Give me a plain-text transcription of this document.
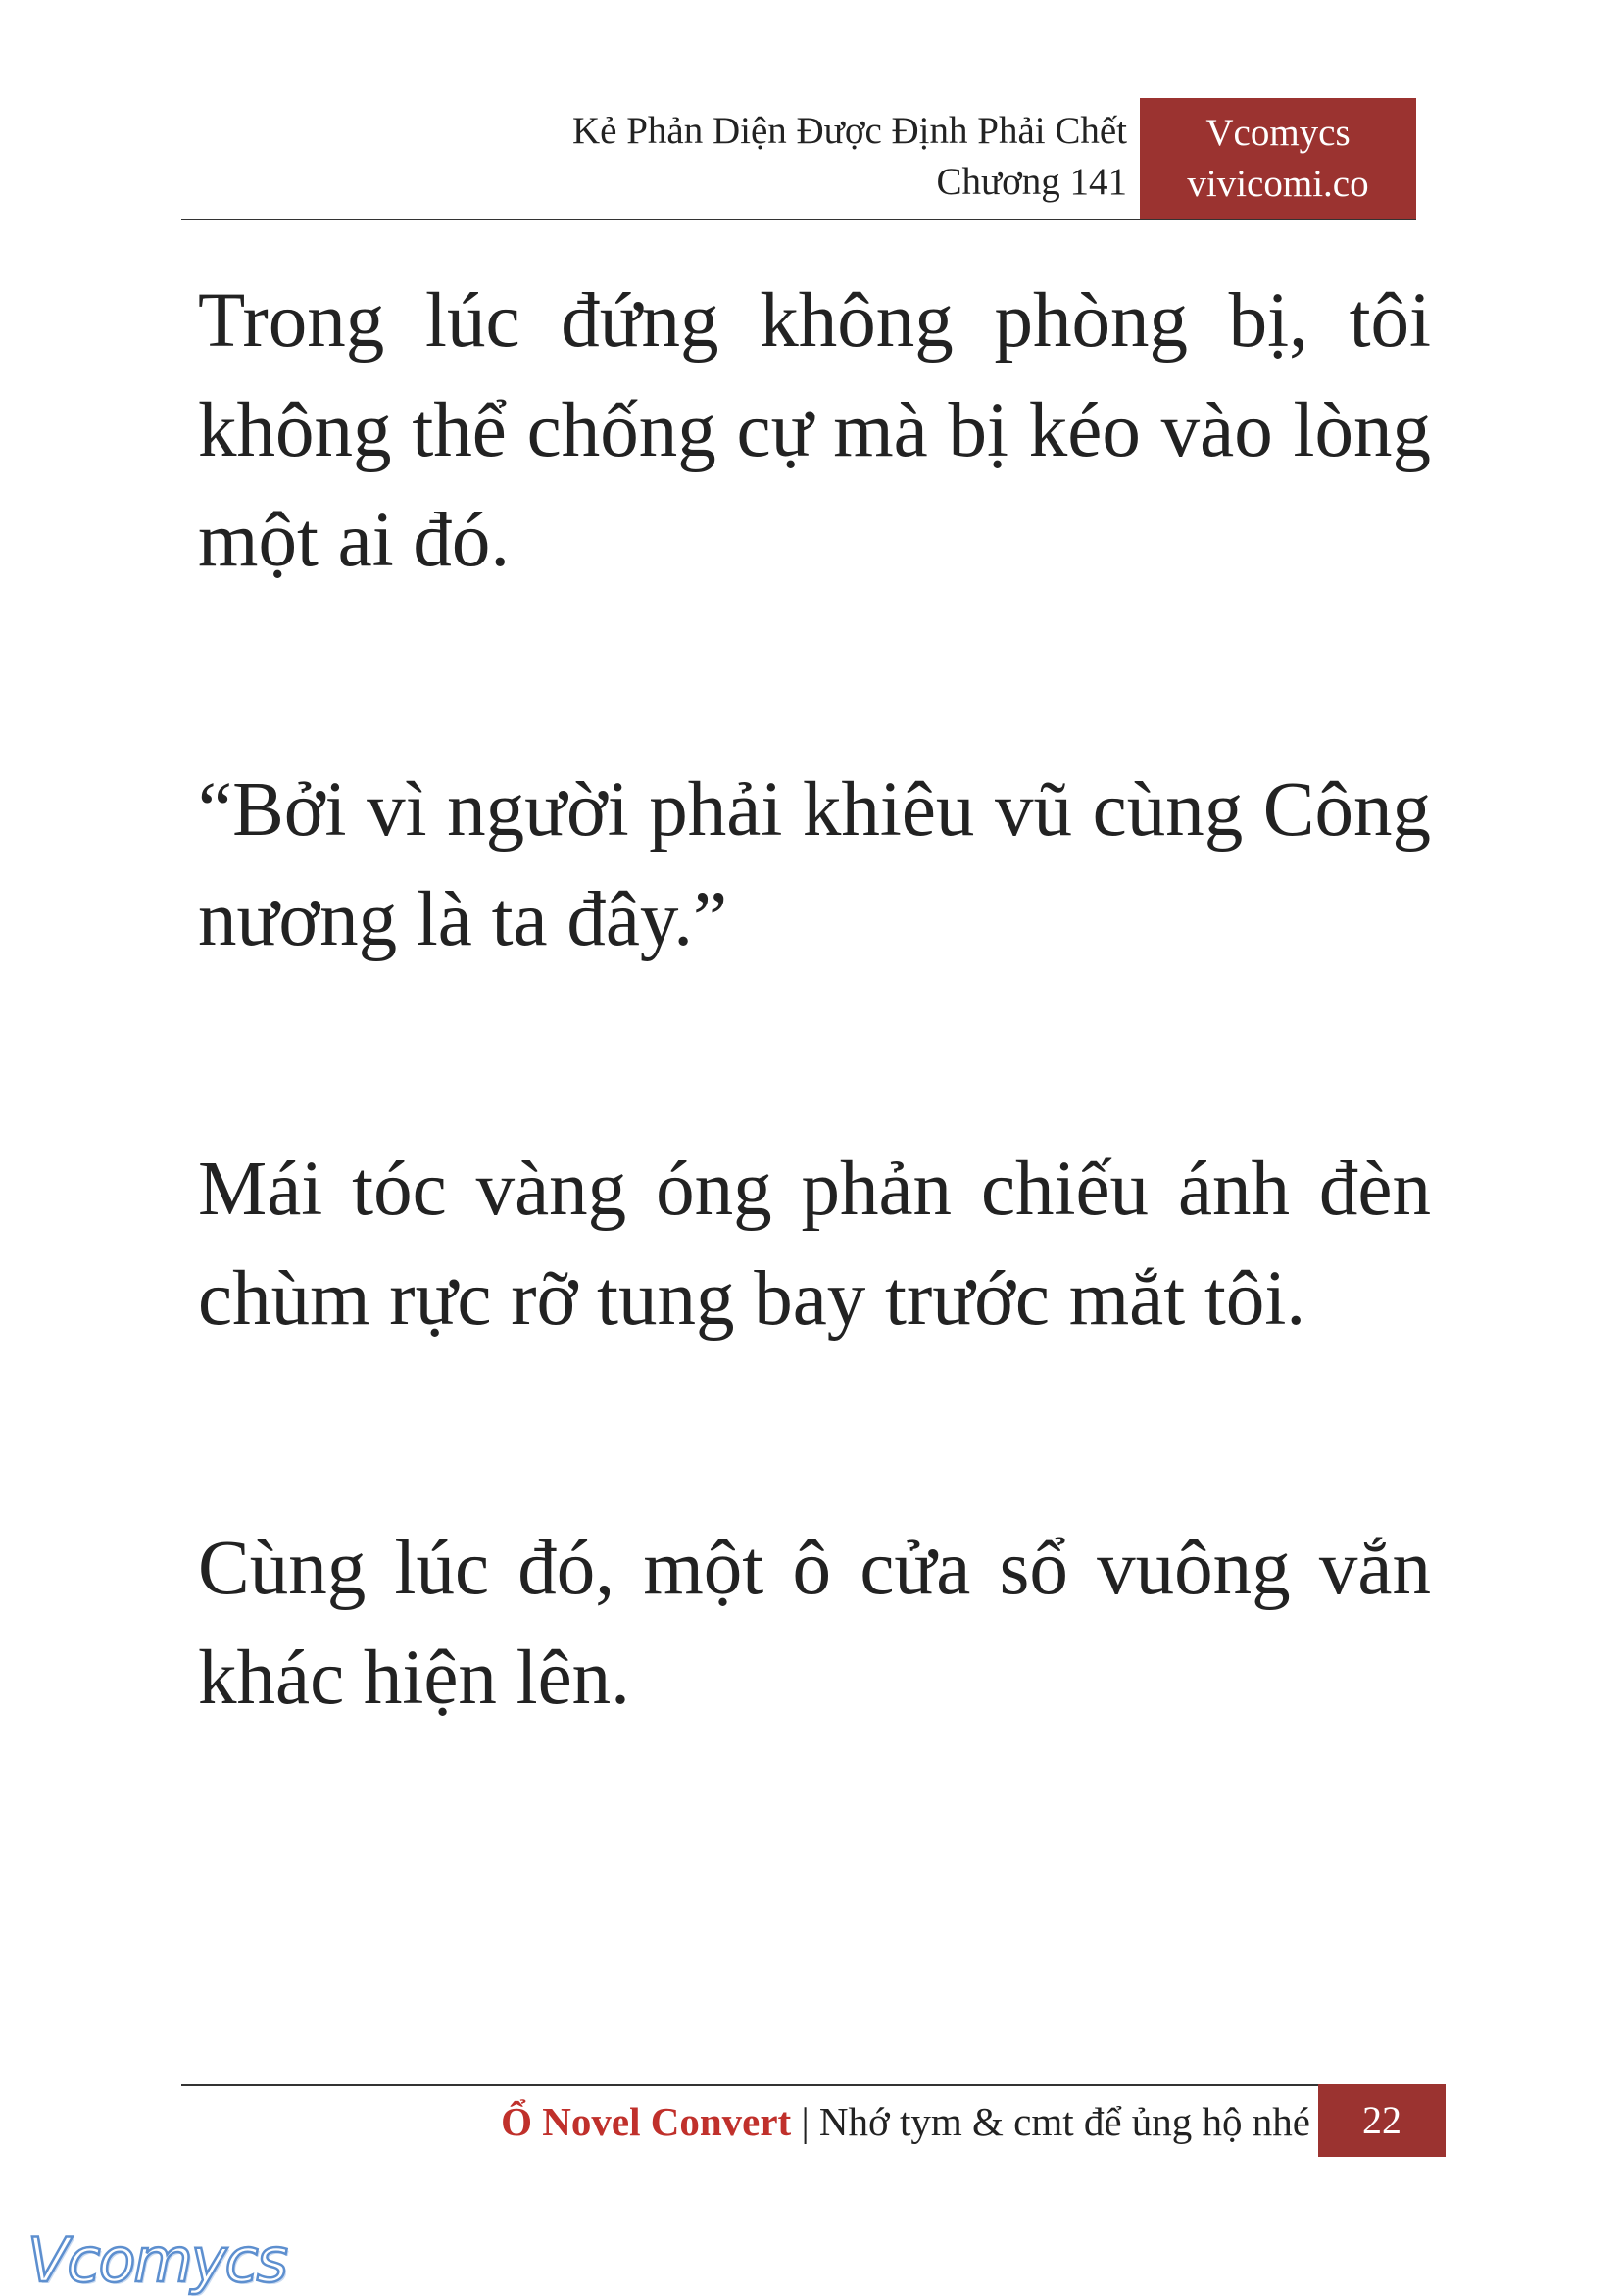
Kẻ Phản Diện Được Định Phải Chết
Chương 141
Vcomycs
vivicomi.co

Trong lúc đứng không phòng bị, tôi không thể chống cự mà bị kéo vào lòng một ai đó.

“Bởi vì người phải khiêu vũ cùng Công nương là ta đây.”

Mái tóc vàng óng phản chiếu ánh đèn chùm rực rỡ tung bay trước mắt tôi.

Cùng lúc đó, một ô cửa sổ vuông vắn khác hiện lên.

Ổ Novel Convert | Nhớ tym & cmt để ủng hộ nhé	22
Vcomycs
